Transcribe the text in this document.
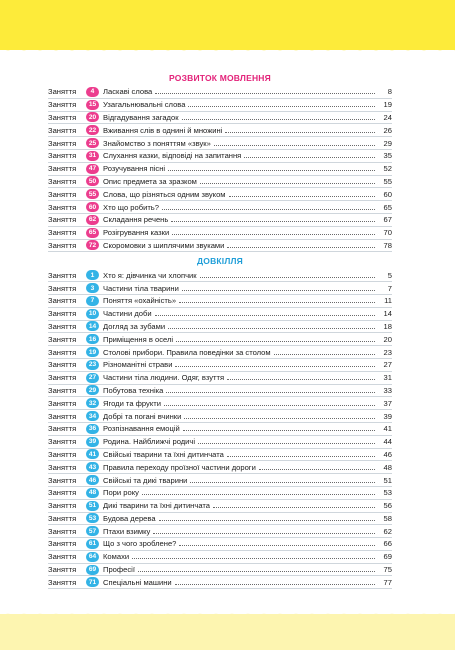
РОЗВИТОК МОВЛЕННЯ
Заняття	4	Ласкаві слова	8
Заняття	15 Узагальнювальні слова	19
Заняття	20 Відгадування загадок	24
Заняття	22 Вживання слів в однині й множині	26
Заняття	25 Знайомство з поняттям «звук»	29
Заняття	31 Слухання казки, відповіді на запитання	35
Заняття	47 Розучування пісні	52
Заняття	50 Опис предмета за зразком	55
Заняття	55 Слова, що різняться одним звуком	60
Заняття	60 Хто що робить?	65
Заняття	62 Складання речень	67
Заняття	65 Розігрування казки	70
Заняття	72 Скоромовки з шиплячими звуками	78
ДОВКІЛЛЯ
Заняття	1	Хто я: дівчинка чи хлопчик	5
Заняття	3	Частини тіла тварини	7
Заняття	7	Поняття «охайність»	11
Заняття	10 Частини доби	14
Заняття	14 Догляд за зубами	18
Заняття	16 Приміщення в оселі	20
Заняття	19 Столові прибори. Правила поведінки за столом	23
Заняття	23 Різноманітні страви	27
Заняття	27 Частини тіла людини. Одяг, взуття	31
Заняття	29 Побутова техніка	33
Заняття	32 Ягоди та фрукти	37
Заняття	34 Добрі та погані вчинки	39
Заняття	36 Розпізнавання емоцій	41
Заняття	39 Родина. Найближчі родичі	44
Заняття	41 Свійські тварини та їхні дитинчата	46
Заняття	43 Правила переходу проїзної частини дороги	48
Заняття	46 Свійські та дикі тварини	51
Заняття	48 Пори року	53
Заняття	51 Дикі тварини та їхні дитинчата	56
Заняття	53 Будова дерева	58
Заняття	57 Птахи взимку	62
Заняття	61 Що з чого зроблене?	66
Заняття	64 Комахи	69
Заняття	69 Професії	75
Заняття	71 Спеціальні машини	77
